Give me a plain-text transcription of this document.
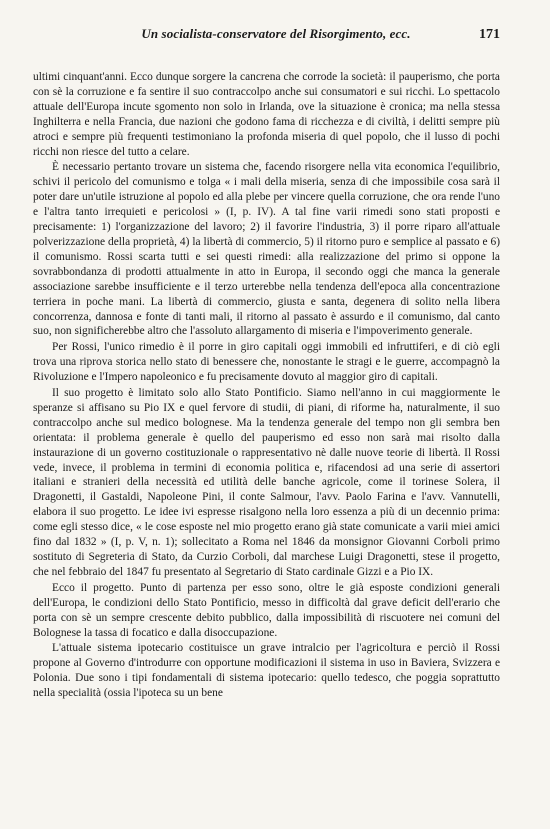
Un socialista-conservatore del Risorgimento, ecc.	171

ultimi cinquant'anni. Ecco dunque sorgere la cancrena che corrode la società: il pauperismo, che porta con sè la corruzione e fa sentire il suo contraccolpo anche sui consumatori e sui ricchi. Lo spettacolo attuale dell'Europa incute sgomento non solo in Irlanda, ove la situazione è cronica; ma nella stessa Inghilterra e nella Francia, due nazioni che godono fama di ricchezza e di civiltà, i delitti sempre più atroci e sempre più frequenti testimoniano la profonda miseria di quel popolo, che il lusso di pochi ricchi non riesce del tutto a celare.

È necessario pertanto trovare un sistema che, facendo risorgere nella vita economica l'equilibrio, schivi il pericolo del comunismo e tolga « i mali della miseria, senza di che impossibile cosa sarà il poter dare un'utile istruzione al popolo ed alla plebe per vincere quella corruzione, che ora rende l'uno e l'altra tanto irrequieti e pericolosi » (I, p. IV). A tal fine varii rimedi sono stati proposti e precisamente: 1) l'organizzazione del lavoro; 2) il favorire l'industria, 3) il porre riparo all'attuale polverizzazione della proprietà, 4) la libertà di commercio, 5) il ritorno puro e semplice al passato e 6) il comunismo. Rossi scarta tutti e sei questi rimedi: alla realizzazione del primo si oppone la sovrabbondanza di prodotti attualmente in atto in Europa, il secondo oggi che manca la generale associazione sarebbe insufficiente e il terzo urterebbe nella tendenza dell'epoca alla concentrazione terriera in poche mani. La libertà di commercio, giusta e santa, degenera di solito nella libera concorrenza, dannosa e fonte di tanti mali, il ritorno al passato è assurdo e il comunismo, dal canto suo, non significherebbe altro che l'assoluto allargamento di miseria e l'impoverimento generale.

Per Rossi, l'unico rimedio è il porre in giro capitali oggi immobili ed infruttiferi, e di ciò egli trova una riprova storica nello stato di benessere che, nonostante le stragi e le guerre, accompagnò la Rivoluzione e l'Impero napoleonico e fu precisamente dovuto al maggior giro di capitali.

Il suo progetto è limitato solo allo Stato Pontificio. Siamo nell'anno in cui maggiormente le speranze si affisano su Pio IX e quel fervore di studii, di piani, di riforme ha, naturalmente, il suo contraccolpo anche sul medico bolognese. Ma la tendenza generale del tempo non gli sembra ben orientata: il problema generale è quello del pauperismo ed esso non sarà mai risolto dalla instaurazione di un governo costituzionale o rappresentativo nè dalle nuove teorie di libertà. Il Rossi vede, invece, il problema in termini di economia politica e, rifacendosi ad una serie di assertori italiani e stranieri della necessità ed utilità delle banche agricole, come il torinese Solera, il Dragonetti, il Gastaldi, Napoleone Pini, il conte Salmour, l'avv. Paolo Farina e l'avv. Vannutelli, elabora il suo progetto. Le idee ivi espresse risalgono nella loro essenza a più di un decennio prima: come egli stesso dice, « le cose esposte nel mio progetto erano già state comunicate a varii miei amici fino dal 1832 » (I, p. V, n. 1); sollecitato a Roma nel 1846 da monsignor Giovanni Corboli primo sostituto di Segreteria di Stato, da Curzio Corboli, dal marchese Luigi Dragonetti, stese il progetto, che nel febbraio del 1847 fu presentato al Segretario di Stato cardinale Gizzi e a Pio IX.

Ecco il progetto. Punto di partenza per esso sono, oltre le già esposte condizioni generali dell'Europa, le condizioni dello Stato Pontificio, messo in difficoltà dal grave deficit dell'erario che porta con sè un sempre crescente debito pubblico, dalla impossibilità di riscuotere nei comuni del Bolognese la tassa di focatico e dalla disoccupazione.

L'attuale sistema ipotecario costituisce un grave intralcio per l'agricoltura e perciò il Rossi propone al Governo d'introdurre con opportune modificazioni il sistema in uso in Baviera, Svizzera e Polonia. Due sono i tipi fondamentali di sistema ipotecario: quello tedesco, che poggia soprattutto nella specialità (ossia l'ipoteca su un bene
